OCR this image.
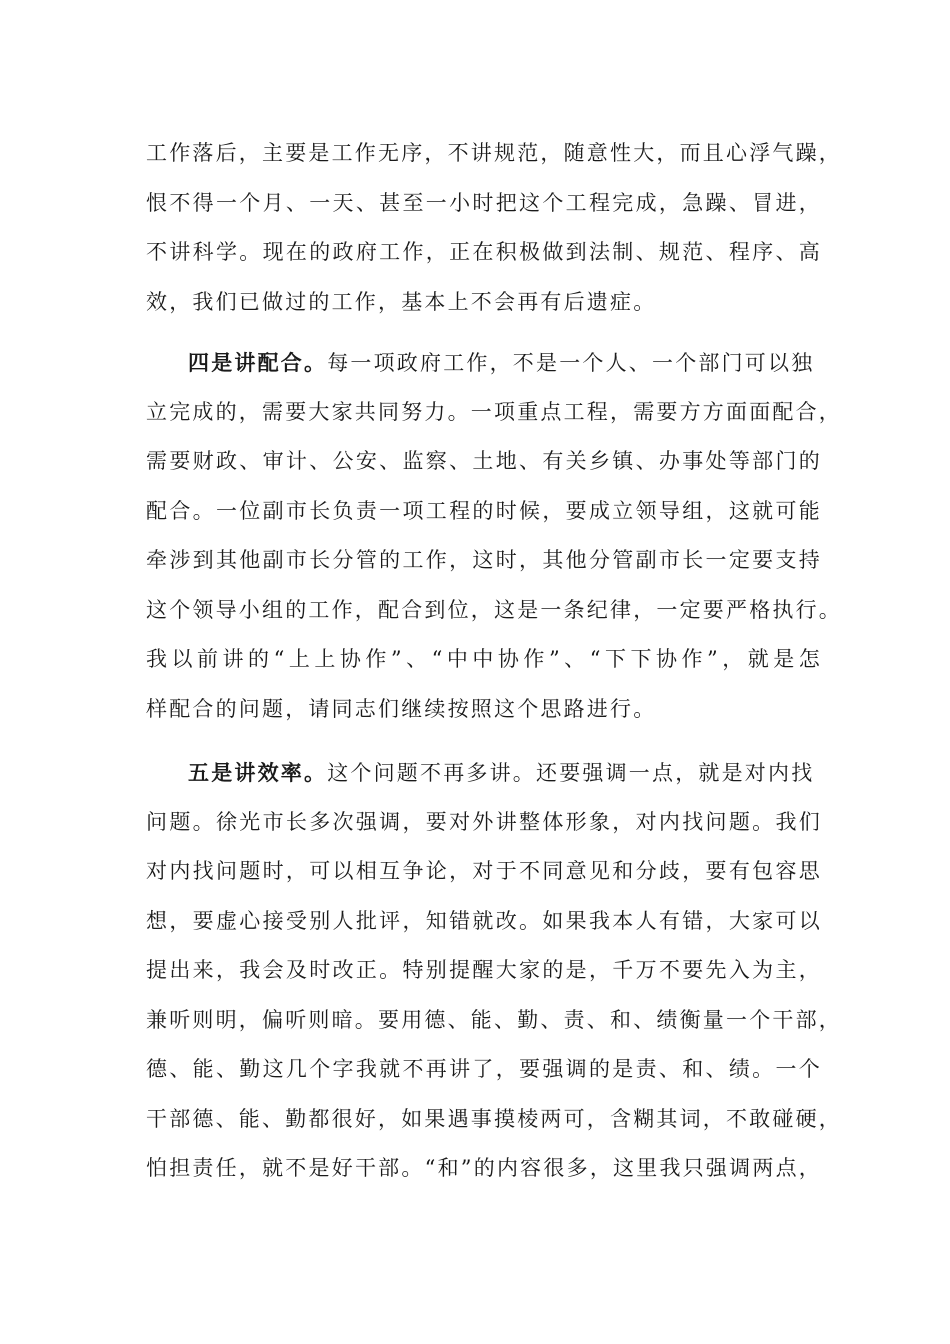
工作落后，主要是工作无序，不讲规范，随意性大，而且心浮气躁，
恨不得一个月、一天、甚至一小时把这个工程完成，急躁、冒进，
不讲科学。现在的政府工作，正在积极做到法制、规范、程序、高
效，我们已做过的工作，基本上不会再有后遗症。
四是讲配合。每一项政府工作，不是一个人、一个部门可以独
立完成的，需要大家共同努力。一项重点工程，需要方方面面配合，
需要财政、审计、公安、监察、土地、有关乡镇、办事处等部门的
配合。一位副市长负责一项工程的时候，要成立领导组，这就可能
牵涉到其他副市长分管的工作，这时，其他分管副市长一定要支持
这个领导小组的工作，配合到位，这是一条纪律，一定要严格执行。
我以前讲的“上上协作”、“中中协作”、“下下协作”，就是怎
样配合的问题，请同志们继续按照这个思路进行。
五是讲效率。这个问题不再多讲。还要强调一点，就是对内找
问题。徐光市长多次强调，要对外讲整体形象，对内找问题。我们
对内找问题时，可以相互争论，对于不同意见和分歧，要有包容思
想，要虚心接受别人批评，知错就改。如果我本人有错，大家可以
提出来，我会及时改正。特别提醒大家的是，千万不要先入为主，
兼听则明，偏听则暗。要用德、能、勤、责、和、绩衡量一个干部，
德、能、勤这几个字我就不再讲了，要强调的是责、和、绩。一个
干部德、能、勤都很好，如果遇事摸棱两可，含糊其词，不敢碰硬，
怕担责任，就不是好干部。“和”的内容很多，这里我只强调两点，
